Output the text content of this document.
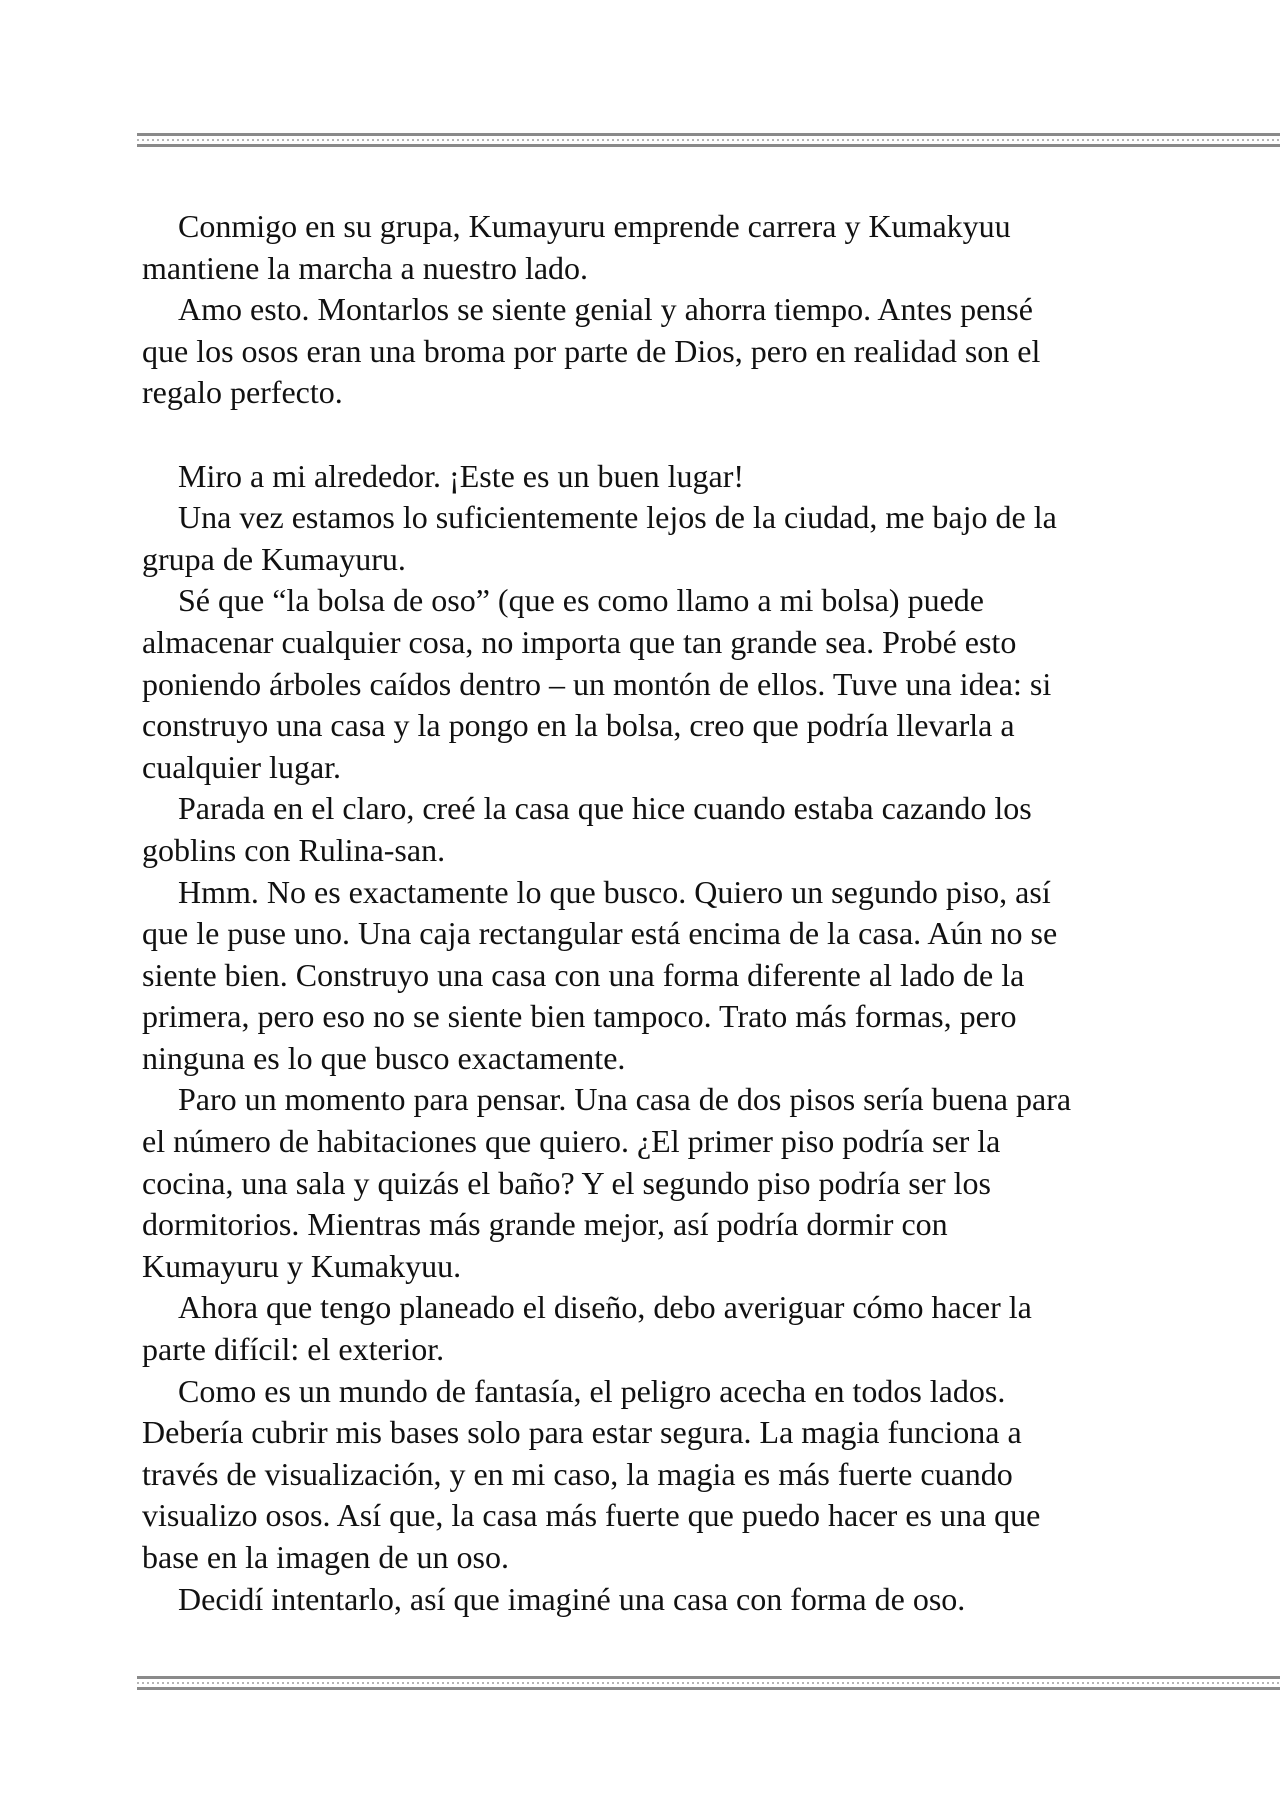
Conmigo en su grupa, Kumayuru emprende carrera y Kumakyuu
mantiene la marcha a nuestro lado.
Amo esto. Montarlos se siente genial y ahorra tiempo. Antes pensé
que los osos eran una broma por parte de Dios, pero en realidad son el
regalo perfecto.
Miro a mi alrededor. ¡Este es un buen lugar!
Una vez estamos lo suficientemente lejos de la ciudad, me bajo de la
grupa de Kumayuru.
Sé que “la bolsa de oso” (que es como llamo a mi bolsa) puede
almacenar cualquier cosa, no importa que tan grande sea. Probé esto
poniendo árboles caídos dentro – un montón de ellos. Tuve una idea: si
construyo una casa y la pongo en la bolsa, creo que podría llevarla a
cualquier lugar.
Parada en el claro, creé la casa que hice cuando estaba cazando los
goblins con Rulina-san.
Hmm. No es exactamente lo que busco. Quiero un segundo piso, así
que le puse uno. Una caja rectangular está encima de la casa. Aún no se
siente bien. Construyo una casa con una forma diferente al lado de la
primera, pero eso no se siente bien tampoco. Trato más formas, pero
ninguna es lo que busco exactamente.
Paro un momento para pensar. Una casa de dos pisos sería buena para
el número de habitaciones que quiero. ¿El primer piso podría ser la
cocina, una sala y quizás el baño? Y el segundo piso podría ser los
dormitorios. Mientras más grande mejor, así podría dormir con
Kumayuru y Kumakyuu.
Ahora que tengo planeado el diseño, debo averiguar cómo hacer la
parte difícil: el exterior.
Como es un mundo de fantasía, el peligro acecha en todos lados.
Debería cubrir mis bases solo para estar segura. La magia funciona a
través de visualización, y en mi caso, la magia es más fuerte cuando
visualizo osos. Así que, la casa más fuerte que puedo hacer es una que
base en la imagen de un oso.
Decidí intentarlo, así que imaginé una casa con forma de oso.
